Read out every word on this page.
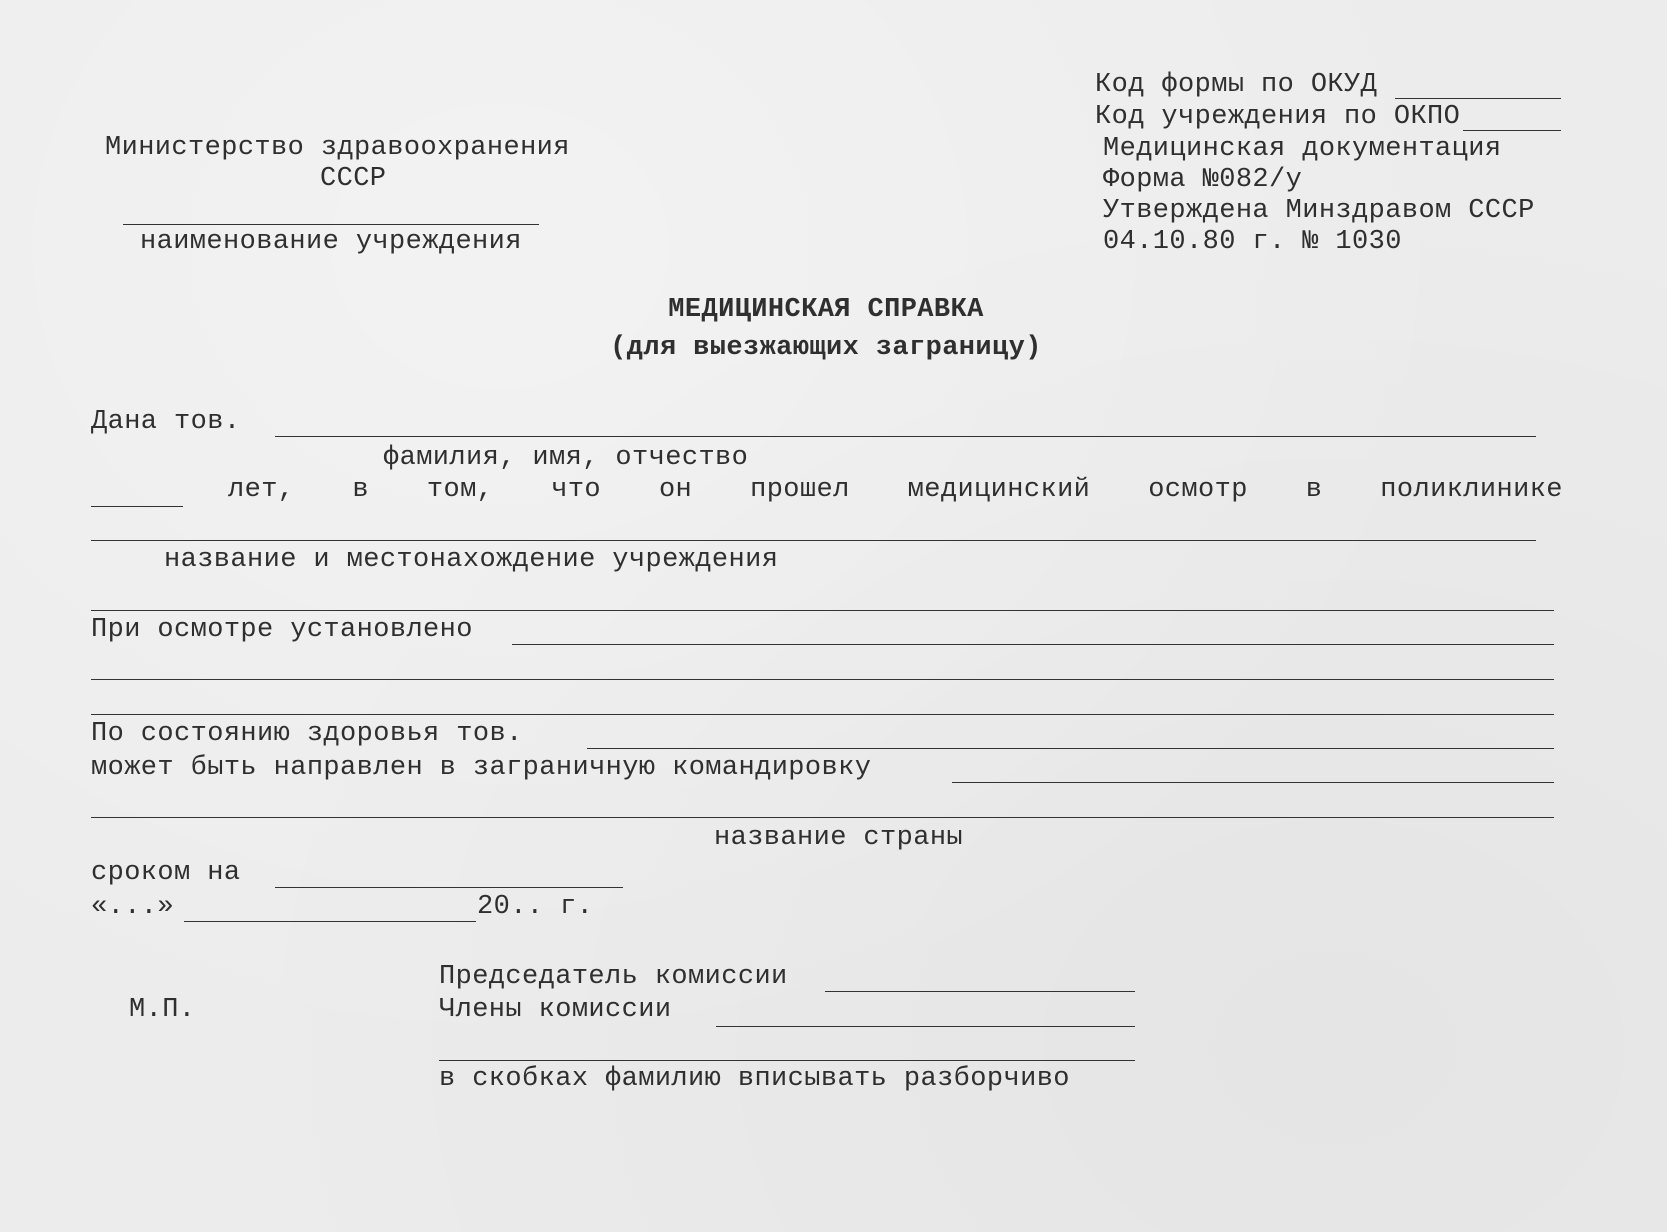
Министерство здравоохранения
СССР
наименование учреждения
Код формы по ОКУД
Код учреждения по ОКПО
Медицинская документация
Форма №082/у
Утверждена Минздравом СССР
04.10.80 г. № 1030
МЕДИЦИНСКАЯ СПРАВКА
(для выезжающих заграницу)
Дана тов.
фамилия, имя, отчество
лет, в том, что он прошел медицинский осмотр в поликлинике
название и местонахождение учреждения
При осмотре установлено
По состоянию здоровья тов.
может быть направлен в заграничную командировку
название страны
сроком на
«...»	20.. г.
М.П.
Председатель комиссии
Члены комиссии
в скобках фамилию вписывать разборчиво
